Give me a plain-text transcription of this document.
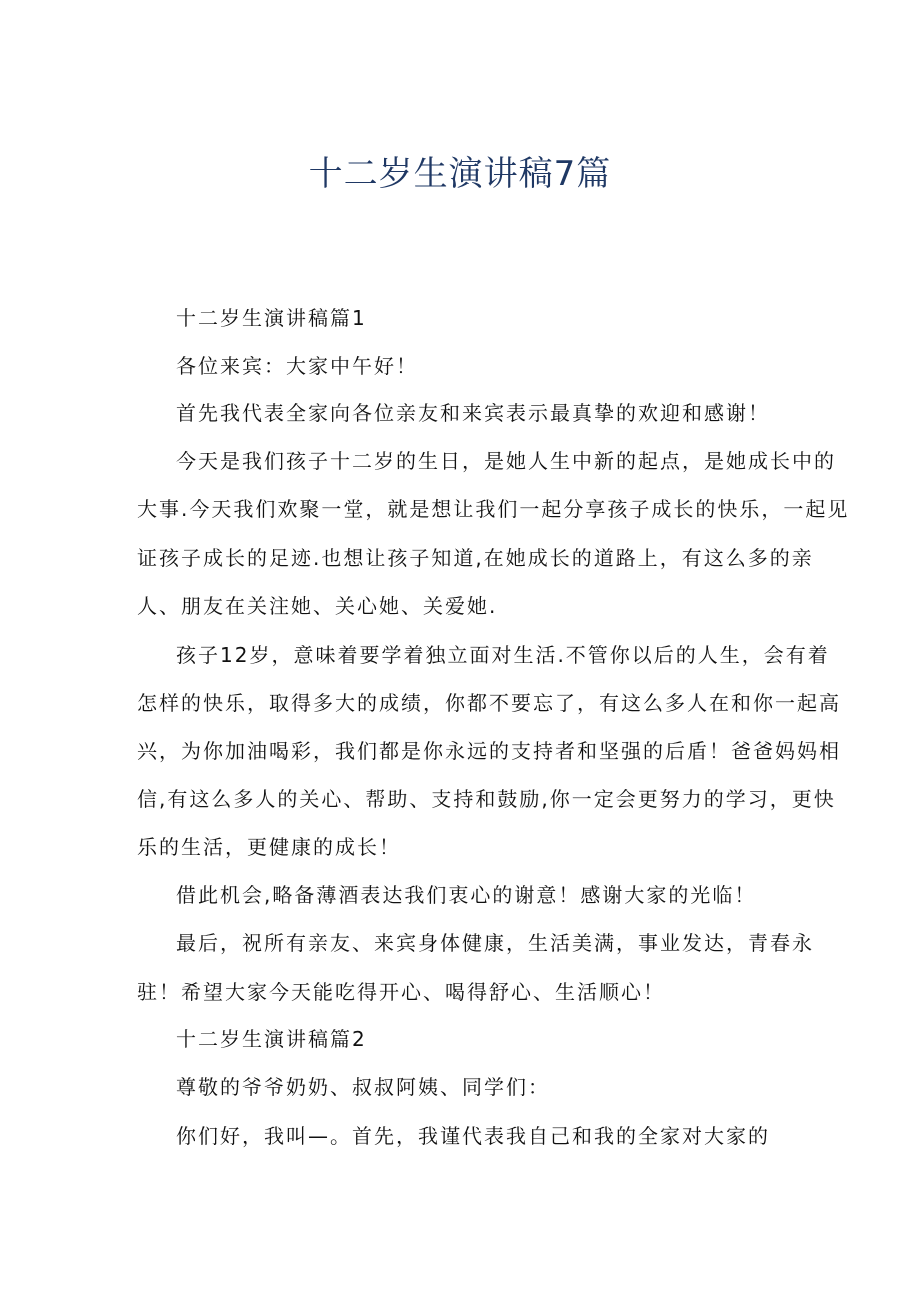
十二岁生演讲稿7篇

十二岁生演讲稿篇1

各位来宾：大家中午好！

首先我代表全家向各位亲友和来宾表示最真挚的欢迎和感谢！

今天是我们孩子十二岁的生日，是她人生中新的起点，是她成长中的

大事.今天我们欢聚一堂，就是想让我们一起分享孩子成长的快乐，一起见

证孩子成长的足迹.也想让孩子知道,在她成长的道路上，有这么多的亲

人、朋友在关注她、关心她、关爱她.

孩子12岁，意味着要学着独立面对生活.不管你以后的人生，会有着

怎样的快乐，取得多大的成绩，你都不要忘了，有这么多人在和你一起高

兴，为你加油喝彩，我们都是你永远的支持者和坚强的后盾！爸爸妈妈相

信,有这么多人的关心、帮助、支持和鼓励,你一定会更努力的学习，更快

乐的生活，更健康的成长！

借此机会,略备薄酒表达我们衷心的谢意！感谢大家的光临！

最后，祝所有亲友、来宾身体健康，生活美满，事业发达，青春永

驻！希望大家今天能吃得开心、喝得舒心、生活顺心！

十二岁生演讲稿篇2

尊敬的爷爷奶奶、叔叔阿姨、同学们：

你们好，我叫—。首先，我谨代表我自己和我的全家对大家的
